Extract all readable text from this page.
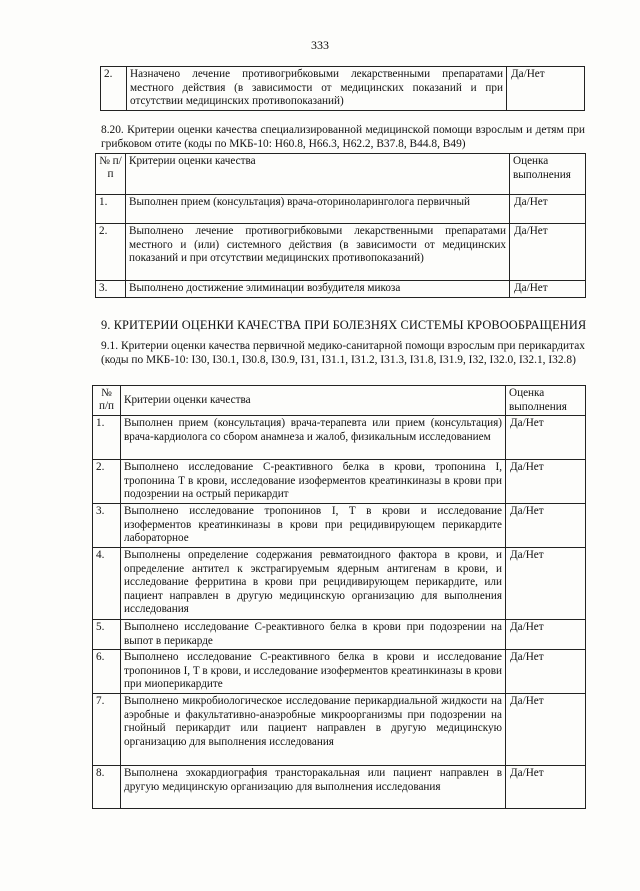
333
2.	Назначено лечение противогрибковыми лекарственными препаратами местного действия (в зависимости от медицинских показаний и при отсутствии медицинских противопоказаний)	Да/Нет
8.20. Критерии оценки качества специализированной медицинской помощи взрослым и детям при грибковом отите (коды по МКБ-10: H60.8, H66.3, H62.2, B37.8, B44.8, B49)
№ п/п	Критерии оценки качества	Оценка выполнения
1.	Выполнен прием (консультация) врача-оториноларинголога первичный	Да/Нет
2.	Выполнено лечение противогрибковыми лекарственными препаратами местного и (или) системного действия (в зависимости от медицинских показаний и при отсутствии медицинских противопоказаний)	Да/Нет
3.	Выполнено достижение элиминации возбудителя микоза	Да/Нет
9. КРИТЕРИИ ОЦЕНКИ КАЧЕСТВА ПРИ БОЛЕЗНЯХ СИСТЕМЫ КРОВООБРАЩЕНИЯ
9.1. Критерии оценки качества первичной медико-санитарной помощи взрослым при перикардитах (коды по МКБ-10: I30, I30.1, I30.8, I30.9, I31, I31.1, I31.2, I31.3, I31.8, I31.9, I32, I32.0, I32.1, I32.8)
№ п/п	Критерии оценки качества	Оценка выполнения
1.	Выполнен прием (консультация) врача-терапевта или прием (консультация) врача-кардиолога со сбором анамнеза и жалоб, физикальным исследованием	Да/Нет
2.	Выполнено исследование С-реактивного белка в крови, тропонина I, тропонина T в крови, исследование изоферментов креатинкиназы в крови при подозрении на острый перикардит	Да/Нет
3.	Выполнено исследование тропонинов I, T в крови и исследование изоферментов креатинкиназы в крови при рецидивирующем перикардите лабораторное	Да/Нет
4.	Выполнены определение содержания ревматоидного фактора в крови, и определение антител к экстрагируемым ядерным антигенам в крови, и исследование ферритина в крови при рецидивирующем перикардите, или пациент направлен в другую медицинскую организацию для выполнения исследования	Да/Нет
5.	Выполнено исследование С-реактивного белка в крови при подозрении на выпот в перикарде	Да/Нет
6.	Выполнено исследование С-реактивного белка в крови и исследование тропонинов I, T в крови, и исследование изоферментов креатинкиназы в крови при миоперикардите	Да/Нет
7.	Выполнено микробиологическое исследование перикардиальной жидкости на аэробные и факультативно-анаэробные микроорганизмы при подозрении на гнойный перикардит или пациент направлен в другую медицинскую организацию для выполнения исследования	Да/Нет
8.	Выполнена эхокардиография трансторакальная или пациент направлен в другую медицинскую организацию для выполнения исследования	Да/Нет
